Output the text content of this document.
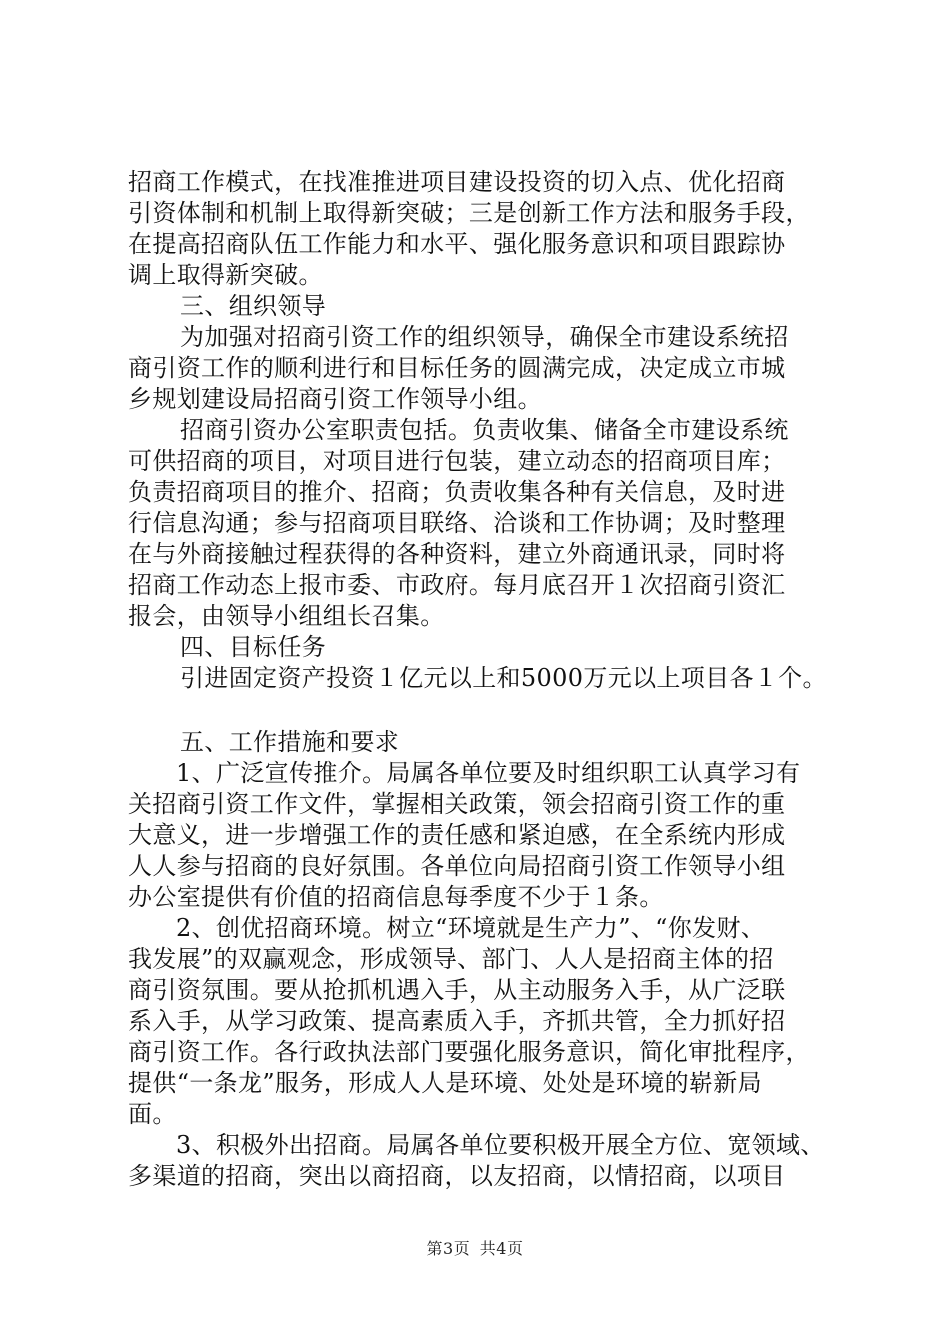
招商工作模式，在找准推进项目建设投资的切入点、优化招商
引资体制和机制上取得新突破；三是创新工作方法和服务手段，
在提高招商队伍工作能力和水平、强化服务意识和项目跟踪协
调上取得新突破。
三、组织领导
为加强对招商引资工作的组织领导，确保全市建设系统招
商引资工作的顺利进行和目标任务的圆满完成，决定成立市城
乡规划建设局招商引资工作领导小组。
招商引资办公室职责包括。负责收集、储备全市建设系统
可供招商的项目，对项目进行包装，建立动态的招商项目库；
负责招商项目的推介、招商；负责收集各种有关信息，及时进
行信息沟通；参与招商项目联络、洽谈和工作协调；及时整理
在与外商接触过程获得的各种资料，建立外商通讯录，同时将
招商工作动态上报市委、市政府。每月底召开１次招商引资汇
报会，由领导小组组长召集。
四、目标任务
引进固定资产投资１亿元以上和5000万元以上项目各１个。
五、工作措施和要求
1、广泛宣传推介。局属各单位要及时组织职工认真学习有
关招商引资工作文件，掌握相关政策，领会招商引资工作的重
大意义，进一步增强工作的责任感和紧迫感，在全系统内形成
人人参与招商的良好氛围。各单位向局招商引资工作领导小组
办公室提供有价值的招商信息每季度不少于１条。
2、创优招商环境。树立“环境就是生产力”、“你发财、
我发展”的双赢观念，形成领导、部门、人人是招商主体的招
商引资氛围。要从抢抓机遇入手，从主动服务入手，从广泛联
系入手，从学习政策、提高素质入手，齐抓共管，全力抓好招
商引资工作。各行政执法部门要强化服务意识，简化审批程序，
提供“一条龙”服务，形成人人是环境、处处是环境的崭新局
面。
3、积极外出招商。局属各单位要积极开展全方位、宽领域、
多渠道的招商，突出以商招商，以友招商，以情招商，以项目
第3页 共4页
